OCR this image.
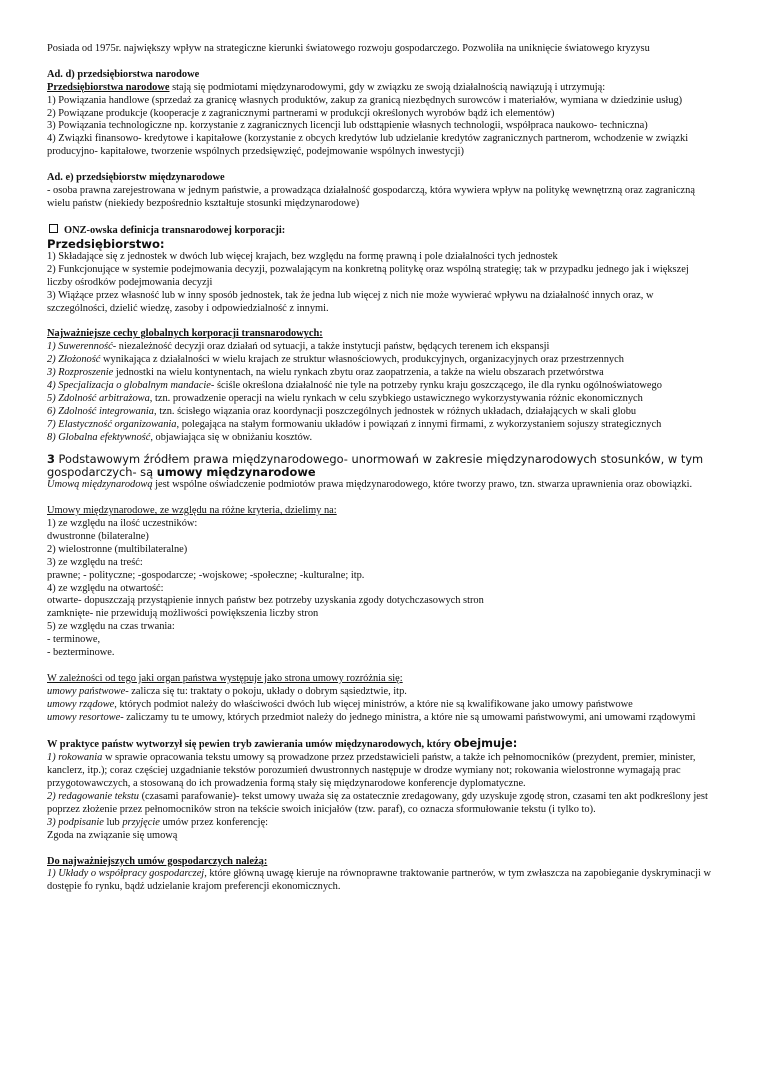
Posiada od 1975r. największy wpływ na strategiczne kierunki światowego rozwoju gospodarczego. Pozwoliła na uniknięcie światowego kryzysu

Ad. d) przedsiębiorstwa narodowe

Przedsiębiorstwa narodowe stają się podmiotami międzynarodowymi, gdy w związku ze swoją działalnością nawiązują i utrzymują:

1) Powiązania handlowe (sprzedaż za granicę własnych produktów, zakup za granicą niezbędnych surowców i materiałów, wymiana w dziedzinie usług)

2) Powiązane produkcje (kooperacje z zagranicznymi partnerami w produkcji określonych wyrobów bądź ich elementów)

3) Powiązania technologiczne np. korzystanie z zagranicznych licencji lub odsttąpienie własnych technologii, współpraca naukowo- techniczna)

4) Związki finansowo- kredytowe i kapitałowe (korzystanie z obcych kredytów lub udzielanie kredytów zagranicznych partnerom, wchodzenie w związki producyjno- kapitałowe, tworzenie wspólnych przedsięwzięć, podejmowanie wspólnych inwestycji)

Ad. e) przedsiębiorstw międzynarodowe

- osoba prawna zarejestrowana w jednym państwie, a prowadząca działalność gospodarczą, która wywiera wpływ na politykę wewnętrzną oraz zagraniczną wielu państw (niekiedy bezpośrednio kształtuje stosunki międzynarodowe)

ONZ-owska definicja transnarodowej korporacji:

Przedsiębiorstwo:

1) Składające się z jednostek w dwóch lub więcej krajach, bez względu na formę prawną i pole działalności tych jednostek

2) Funkcjonujące w systemie podejmowania decyzji, pozwalającym na konkretną politykę oraz wspólną strategię; tak w przypadku jednego jak i większej liczby ośrodków podejmowania decyzji

3) Wiążące przez własność lub w inny sposób jednostek, tak że jedna lub więcej z nich nie może wywierać wpływu na działalność innych oraz, w szczególności, dzielić wiedzę, zasoby i odpowiedzialność z innymi.

Najważniejsze cechy globalnych korporacji transnarodowych:

1) Suwerenność- niezależność decyzji oraz działań od sytuacji, a także instytucji państw, będących terenem ich ekspansji

2) Złożoność wynikająca z działalności w wielu krajach ze struktur własnościowych, produkcyjnych, organizacyjnych oraz przestrzennych

3) Rozproszenie jednostki na wielu kontynentach, na wielu rynkach zbytu oraz zaopatrzenia, a także na wielu obszarach przetwórstwa

4) Specjalizacja o globalnym mandacie- ściśle określona działalność nie tyle na potrzeby rynku kraju goszczącego, ile dla rynku ogólnoświatowego

5) Zdolność arbitrażowa, tzn. prowadzenie operacji na wielu rynkach w celu szybkiego ustawicznego wykorzystywania różnic ekonomicznych

6) Zdolność integrowania, tzn. ścisłego wiązania oraz koordynacji poszczególnych jednostek w różnych układach, działających w skali globu

7) Elastyczność organizowania, polegająca na stałym formowaniu układów i powiązań z innymi firmami, z wykorzystaniem sojuszy strategicznych

8) Globalna efektywność, objawiająca się w obniżaniu kosztów.

3 Podstawowym źródłem prawa międzynarodowego- unormowań w zakresie międzynarodowych stosunków, w tym gospodarczych- są umowy międzynarodowe

Umową międzynarodową jest wspólne oświadczenie podmiotów prawa międzynarodowego, które tworzy prawo, tzn. stwarza uprawnienia oraz obowiązki.

Umowy międzynarodowe, ze względu na różne kryteria, dzielimy na:

1) ze względu na ilość uczestników:

dwustronne (bilateralne)

2) wielostronne (multibilateralne)

3) ze względu na treść:

prawne; - polityczne; -gospodarcze; -wojskowe; -społeczne; -kulturalne; itp.

4) ze względu na otwartość:

otwarte- dopuszczają przystąpienie innych państw bez potrzeby uzyskania zgody dotychczasowych stron

zamknięte- nie przewidują możliwości powiększenia liczby stron

5) ze względu na czas trwania:

- terminowe,

- bezterminowe.

W zależności od tego jaki organ państwa występuje jako strona umowy rozróżnia się:

umowy państwowe- zalicza się tu: traktaty o pokoju, układy o dobrym sąsiedztwie, itp.

umowy rządowe, których podmiot należy do właściwości dwóch lub więcej ministrów, a które nie są kwalifikowane jako umowy państwowe

umowy resortowe- zaliczamy tu te umowy, których przedmiot należy do jednego ministra, a które nie są umowami państwowymi, ani umowami rządowymi

W praktyce państw wytworzył się pewien tryb zawierania umów międzynarodowych, który obejmuje:

1) rokowania w sprawie opracowania tekstu umowy są prowadzone przez przedstawicieli państw, a także ich pełnomocników (prezydent, premier, minister, kanclerz, itp.); coraz częściej uzgadnianie tekstów porozumień dwustronnych następuje w drodze wymiany not; rokowania wielostronne wymagają prac przygotowawczych, a stosowaną do ich prowadzenia formą stały się międzynarodowe konferencje dyplomatyczne.

2) redagowanie tekstu (czasami parafowanie)- tekst umowy uważa się za ostatecznie zredagowany, gdy uzyskuje zgodę stron, czasami ten akt podkreślony jest poprzez złożenie przez pełnomocników stron na tekście swoich inicjałów (tzw. paraf), co oznacza sformułowanie tekstu (i tylko to).

3) podpisanie lub przyjęcie umów przez konferencję:

Zgoda na związanie się umową

Do najważniejszych umów gospodarczych należą:

1) Układy o współpracy gospodarczej, które główną uwagę kieruje na równoprawne traktowanie partnerów, w tym zwłaszcza na zapobieganie dyskryminacji w dostępie fo rynku, bądź udzielanie krajom preferencji ekonomicznych.
